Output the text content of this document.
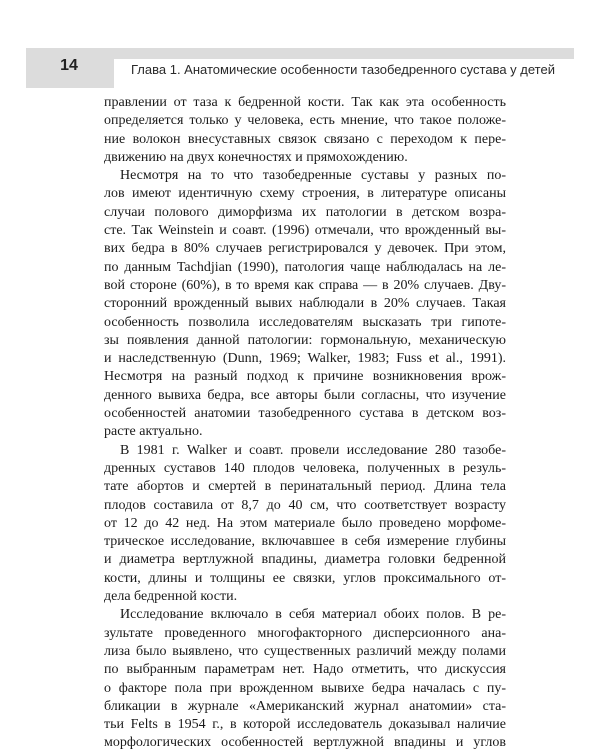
14	Глава 1. Анатомические особенности тазобедренного сустава у детей

правлении от таза к бедренной кости. Так как эта особенность
определяется только у человека, есть мнение, что такое положе-
ние волокон внесуставных связок связано с переходом к пере-
движению на двух конечностях и прямохождению.

Несмотря на то что тазобедренные суставы у разных по-
лов имеют идентичную схему строения, в литературе описаны
случаи полового диморфизма их патологии в детском возра-
сте. Так Weinstein и соавт. (1996) отмечали, что врожденный вы-
вих бедра в 80% случаев регистрировался у девочек. При этом,
по данным Tachdjian (1990), патология чаще наблюдалась на ле-
вой стороне (60%), в то время как справа — в 20% случаев. Дву-
сторонний врожденный вывих наблюдали в 20% случаев. Такая
особенность позволила исследователям высказать три гипоте-
зы появления данной патологии: гормональную, механическую
и наследственную (Dunn, 1969; Walker, 1983; Fuss et al., 1991).
Несмотря на разный подход к причине возникновения врож-
денного вывиха бедра, все авторы были согласны, что изучение
особенностей анатомии тазобедренного сустава в детском воз-
расте актуально.

В 1981 г. Walker и соавт. провели исследование 280 тазобе-
дренных суставов 140 плодов человека, полученных в резуль-
тате абортов и смертей в перинатальный период. Длина тела
плодов составила от 8,7 до 40 см, что соответствует возрасту
от 12 до 42 нед. На этом материале было проведено морфоме-
трическое исследование, включавшее в себя измерение глубины
и диаметра вертлужной впадины, диаметра головки бедренной
кости, длины и толщины ее связки, углов проксимального от-
дела бедренной кости.

Исследование включало в себя материал обоих полов. В ре-
зультате проведенного многофакторного дисперсионного ана-
лиза было выявлено, что существенных различий между полами
по выбранным параметрам нет. Надо отметить, что дискуссия
о факторе пола при врожденном вывихе бедра началась с пу-
бликации в журнале «Американский журнал анатомии» ста-
тьи Felts в 1954 г., в которой исследователь доказывал наличие
морфологических особенностей вертлужной впадины и углов
